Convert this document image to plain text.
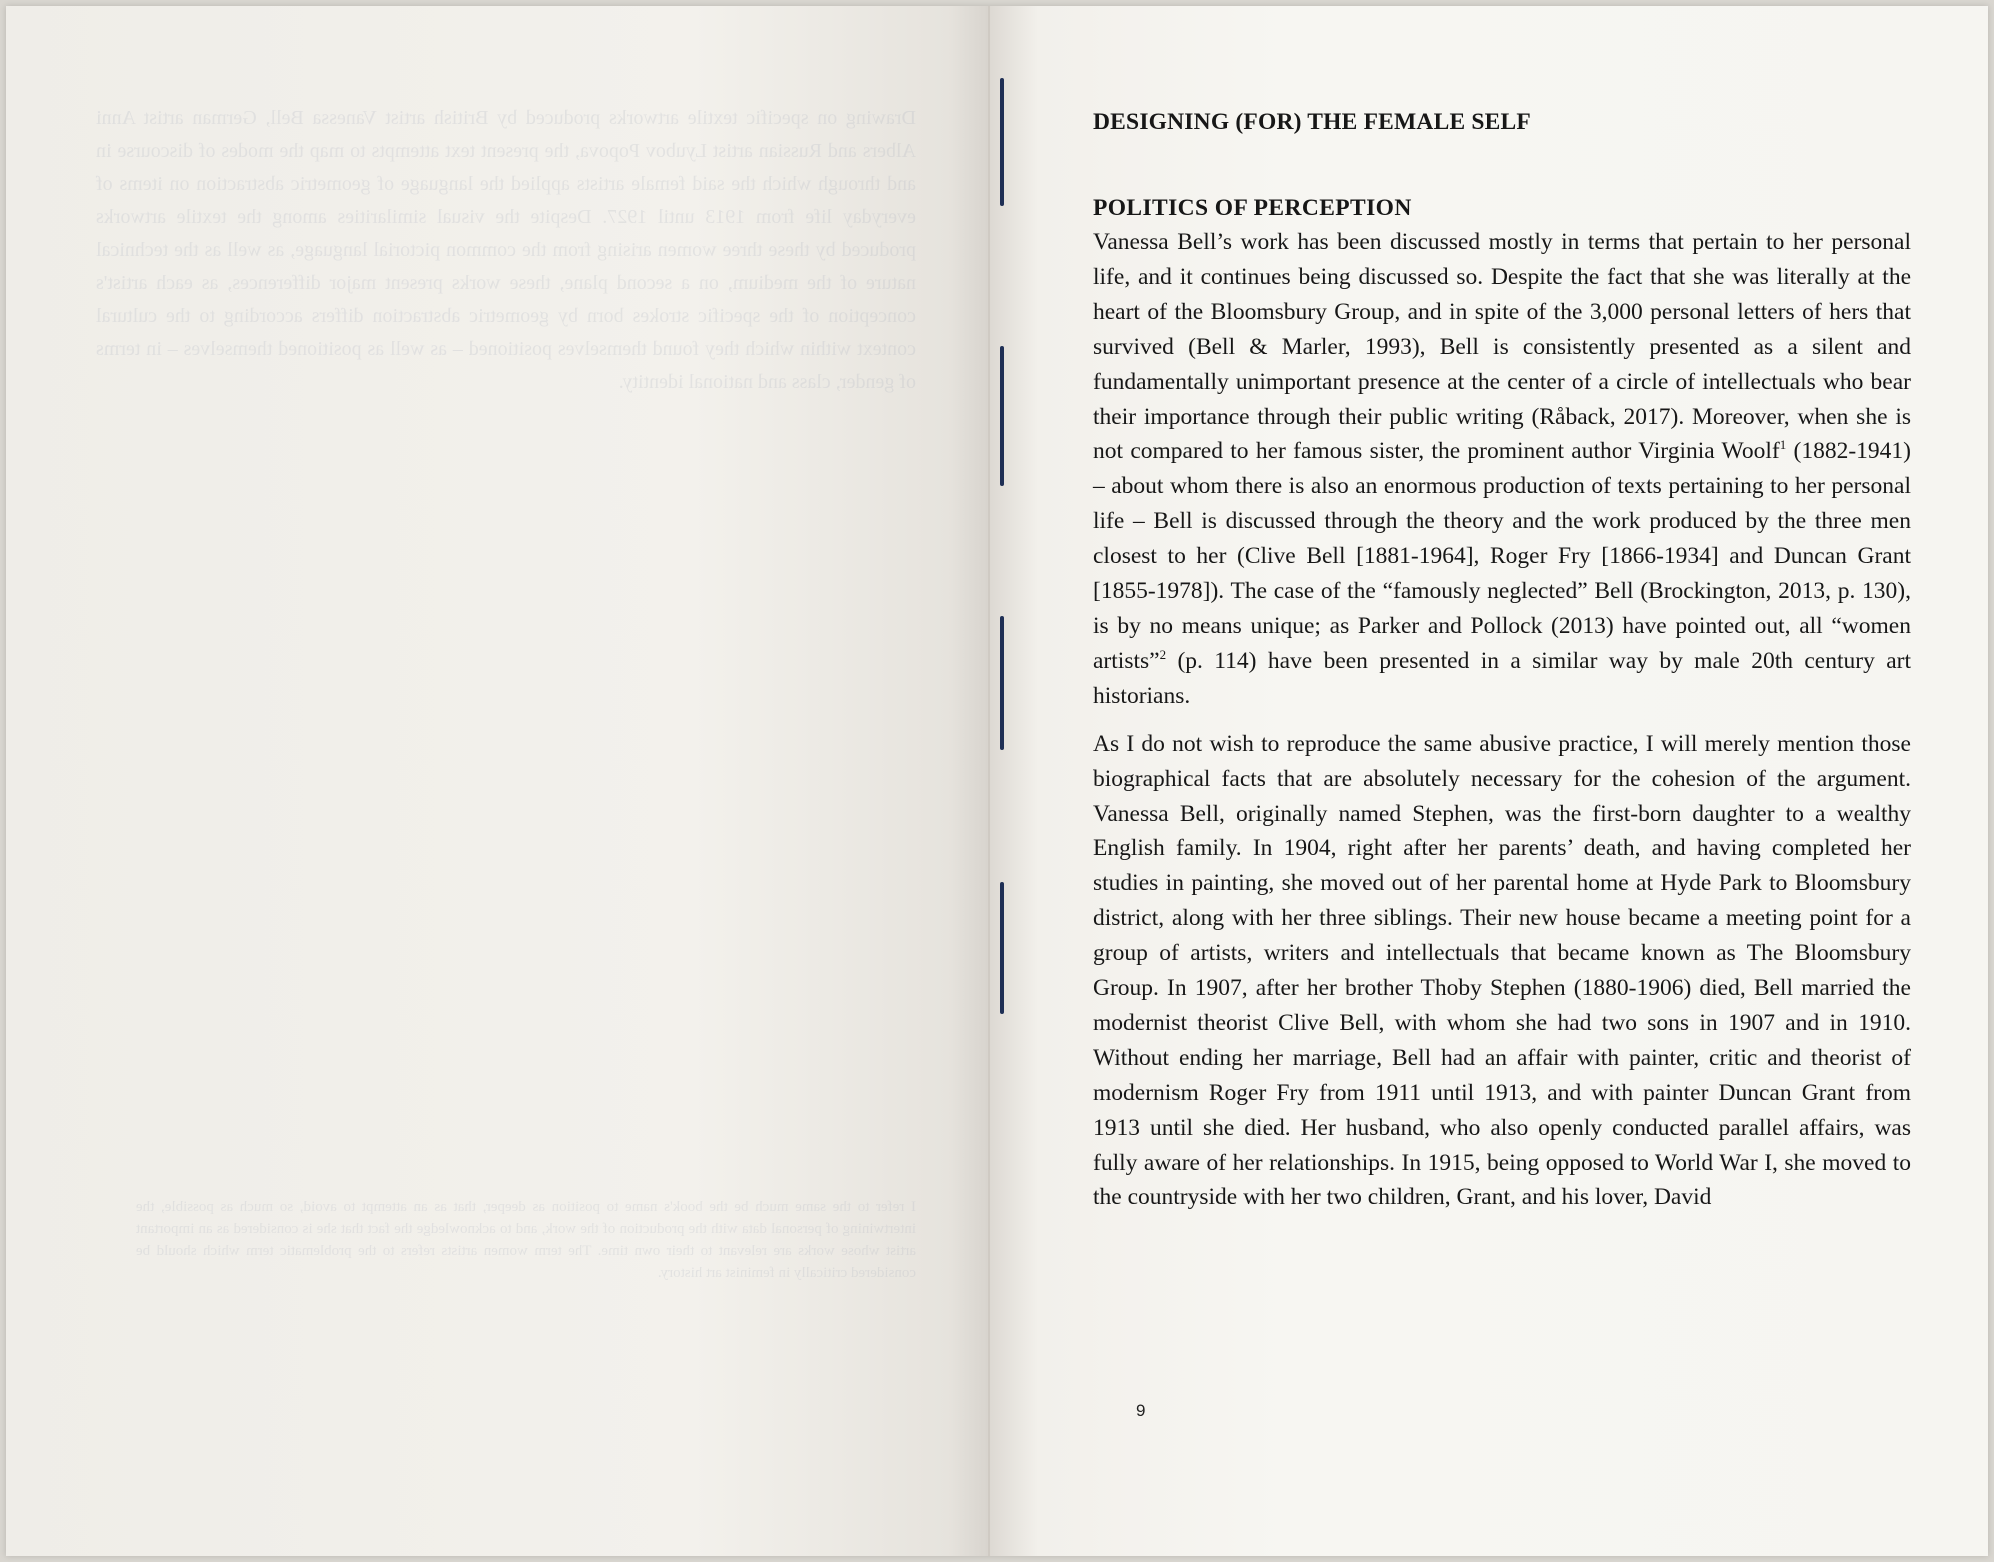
Drawing on specific textile artworks produced by British artist Vanessa Bell, German artist Anni Albers and Russian artist Lyubov Popova, the present text attempts to map the modes of discourse in and through which the said female artists applied the language of geometric abstraction on items of everyday life from 1913 until 1927. Despite the visual similarities among the textile artworks produced by these three women arising from the common pictorial language, as well as the technical nature of the medium, on a second plane, these works present major differences, as each artist's conception of the specific strokes born by geometric abstraction differs according to the cultural context within which they found themselves positioned – as well as positioned themselves – in terms of gender, class and national identity.
I refer to the same much be the book's name to position as deeper, that as an attempt to avoid, so much as possible, the intertwining of personal data with the production of the work, and to acknowledge the fact that she is considered as an important artist whose works are relevant to their own time. The term women artists refers to the problematic term which should be considered critically in feminist art history.
DESIGNING (FOR) THE FEMALE SELF
POLITICS OF PERCEPTION

Vanessa Bell’s work has been discussed mostly in terms that pertain to her personal life, and it continues being discussed so. Despite the fact that she was literally at the heart of the Bloomsbury Group, and in spite of the 3,000 personal letters of hers that survived (Bell & Marler, 1993), Bell is consistently presented as a silent and fundamentally unimportant presence at the center of a circle of intellectuals who bear their importance through their public writing (Råback, 2017). Moreover, when she is not compared to her famous sister, the prominent author Virginia Woolf$^1$ (1882-1941) – about whom there is also an enormous production of texts pertaining to her personal life – Bell is discussed through the theory and the work produced by the three men closest to her (Clive Bell [1881-1964], Roger Fry [1866-1934] and Duncan Grant [1855-1978]). The case of the “famously neglected” Bell (Brockington, 2013, p. 130), is by no means unique; as Parker and Pollock (2013) have pointed out, all “women artists”$^2$ (p. 114) have been presented in a similar way by male 20th century art historians.

As I do not wish to reproduce the same abusive practice, I will merely mention those biographical facts that are absolutely necessary for the cohesion of the argument. Vanessa Bell, originally named Stephen, was the first-born daughter to a wealthy English family. In 1904, right after her parents’ death, and having completed her studies in painting, she moved out of her parental home at Hyde Park to Bloomsbury district, along with her three siblings. Their new house became a meeting point for a group of artists, writers and intellectuals that became known as The Bloomsbury Group. In 1907, after her brother Thoby Stephen (1880-1906) died, Bell married the modernist theorist Clive Bell, with whom she had two sons in 1907 and in 1910. Without ending her marriage, Bell had an affair with painter, critic and theorist of modernism Roger Fry from 1911 until 1913, and with painter Duncan Grant from 1913 until she died. Her husband, who also openly conducted parallel affairs, was fully aware of her relationships. In 1915, being opposed to World War I, she moved to the countryside with her two children, Grant, and his lover, David

9
